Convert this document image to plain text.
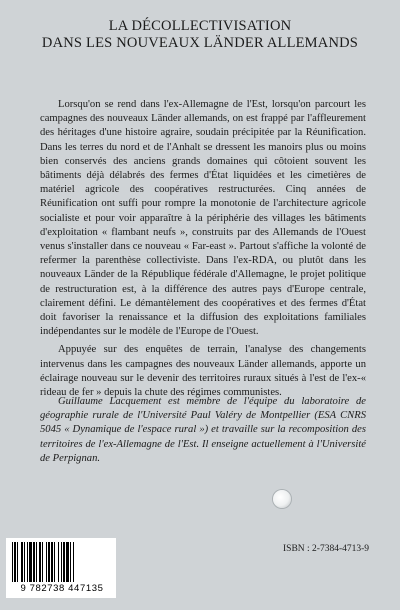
LA DÉCOLLECTIVISATION
DANS LES NOUVEAUX LÄNDER ALLEMANDS

Lorsqu'on se rend dans l'ex-Allemagne de l'Est, lorsqu'on parcourt les campagnes des nouveaux Länder allemands, on est frappé par l'affleurement des héritages d'une histoire agraire, soudain précipitée par la Réunification. Dans les terres du nord et de l'Anhalt se dressent les manoirs plus ou moins bien conservés des anciens grands domaines qui côtoient souvent les bâtiments déjà délabrés des fermes d'État liquidées et les cimetières de matériel agricole des coopératives restructurées. Cinq années de Réunification ont suffi pour rompre la monotonie de l'architecture agricole socialiste et pour voir apparaître à la périphérie des villages les bâtiments d'exploitation « flambant neufs », construits par des Allemands de l'Ouest venus s'installer dans ce nouveau « Far-east ». Partout s'affiche la volonté de refermer la parenthèse collectiviste. Dans l'ex-RDA, ou plutôt dans les nouveaux Länder de la République fédérale d'Allemagne, le projet politique de restructuration est, à la différence des autres pays d'Europe centrale, clairement défini. Le démantèlement des coopératives et des fermes d'État doit favoriser la renaissance et la diffusion des exploitations familiales indépendantes sur le modèle de l'Europe de l'Ouest.

Appuyée sur des enquêtes de terrain, l'analyse des changements intervenus dans les campagnes des nouveaux Länder allemands, apporte un éclairage nouveau sur le devenir des territoires ruraux situés à l'est de l'ex-« rideau de fer » depuis la chute des régimes communistes.

Guillaume Lacquement est membre de l'équipe du laboratoire de géographie rurale de l'Université Paul Valéry de Montpellier (ESA CNRS 5045 « Dynamique de l'espace rural ») et travaille sur la recomposition des territoires de l'ex-Allemagne de l'Est. Il enseigne actuellement à l'Université de Perpignan.
9 782738 447135
ISBN : 2-7384-4713-9
